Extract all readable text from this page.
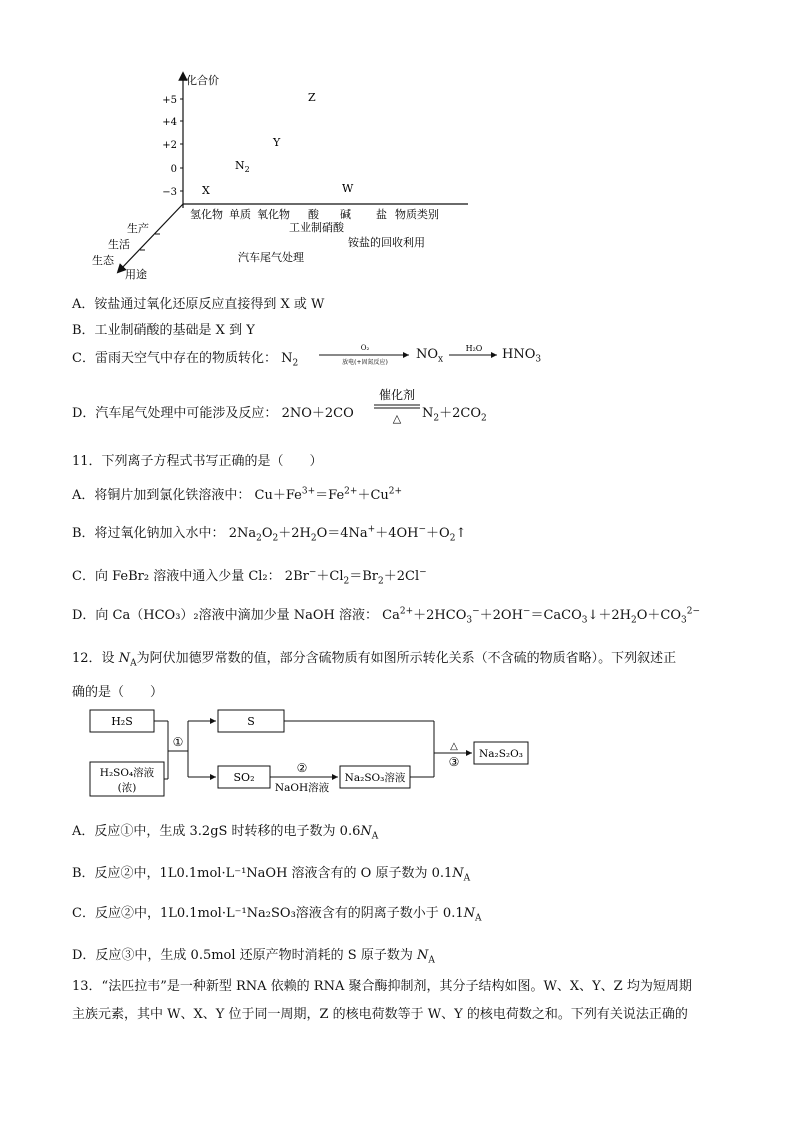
+5
+4
+2
0
−3
化合价
氢化物 单质 氧化物 酸 碱 盐 物质类别
Z
Y
$N_2$
X	W
工业制硝酸
铵盐的回收利用
汽车尾气处理
生产
生活
生态
用途
A．铵盐通过氧化还原反应直接得到 X 或 W
B．工业制硝酸的基础是 X 到 Y
C．雷雨天空气中存在的物质转化： $N_2$
O₂
放电(+固氮反应)
$NO_x$
H₂O $HNO_3$
D．汽车尾气处理中可能涉及反应： 2NO＋2CO
催化剂
△ $N_2+2CO_2$
11．下列离子方程式书写正确的是（　　）
A．将铜片加到氯化铁溶液中： $Cu+Fe^{3+}=Fe^{2+}+Cu^{2+}$
B．将过氧化钠加入水中： $2Na_2O_2+2H_2O=4Na^++4OH^-+O_2↑$
C．向 FeBr₂ 溶液中通入少量 Cl₂： $2Br^-+Cl_2=Br_2+2Cl^-$
D．向 Ca（HCO₃）₂溶液中滴加少量 NaOH 溶液： $Ca^{2+}+2HCO_3^-+2OH^-=CaCO_3↓+2H_2O+CO_3^{2-}$
12．设 $N_A$为阿伏加德罗常数的值，部分含硫物质有如图所示转化关系（不含硫的物质省略）。下列叙述正
确的是（　　）
H₂S
H₂SO₄溶液
(浓)
S
SO₂	Na₂SO₃溶液
Na₂S₂O₃
①
②
NaOH溶液
△
③
A．反应①中，生成 3.2gS 时转移的电子数为 $0.6N_A$
B．反应②中，1L0.1mol·L⁻¹NaOH 溶液含有的 O 原子数为 $0.1N_A$
C．反应②中，1L0.1mol·L⁻¹Na₂SO₃溶液含有的阴离子数小于 $0.1N_A$
D．反应③中，生成 0.5mol 还原产物时消耗的 S 原子数为 $N_A$
13．“法匹拉韦”是一种新型 RNA 依赖的 RNA 聚合酶抑制剂，其分子结构如图。W、X、Y、Z 均为短周期
主族元素，其中 W、X、Y 位于同一周期，Z 的核电荷数等于 W、Y 的核电荷数之和。下列有关说法正确的
